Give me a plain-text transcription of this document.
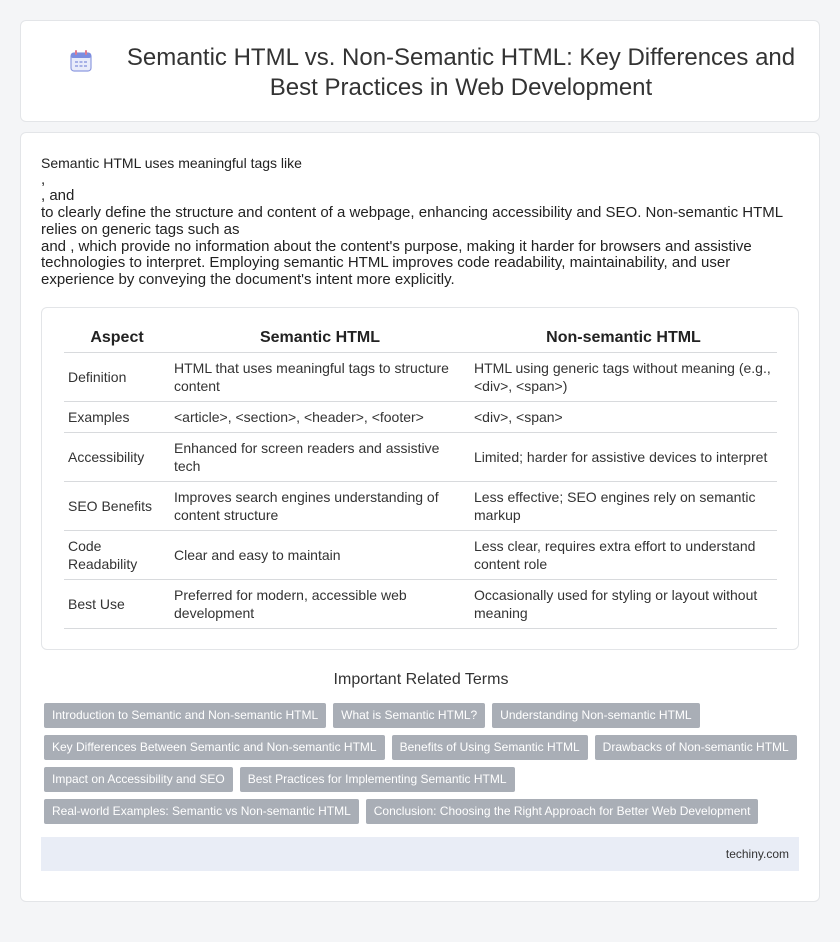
Semantic HTML vs. Non-Semantic HTML: Key Differences and Best Practices in Web Development

Semantic HTML uses meaningful tags like

,

, and

to clearly define the structure and content of a webpage, enhancing accessibility and SEO. Non-semantic HTML relies on generic tags such as

and , which provide no information about the content's purpose, making it harder for browsers and assistive technologies to interpret. Employing semantic HTML improves code readability, maintainability, and user experience by conveying the document's intent more explicitly.

Aspect	Semantic HTML	Non-semantic HTML
Definition	HTML that uses meaningful tags to structure content	HTML using generic tags without meaning (e.g., <div>, <span>)
Examples	<article>, <section>, <header>, <footer>	<div>, <span>
Accessibility	Enhanced for screen readers and assistive tech	Limited; harder for assistive devices to interpret
SEO Benefits	Improves search engines understanding of content structure	Less effective; SEO engines rely on semantic markup
Code Readability	Clear and easy to maintain	Less clear, requires extra effort to understand content role
Best Use	Preferred for modern, accessible web development	Occasionally used for styling or layout without meaning
Important Related Terms
Introduction to Semantic and Non-semantic HTML	What is Semantic HTML?	Understanding Non-semantic HTML
Key Differences Between Semantic and Non-semantic HTML	Benefits of Using Semantic HTML	Drawbacks of Non-semantic HTML
Impact on Accessibility and SEO	Best Practices for Implementing Semantic HTML
Real-world Examples: Semantic vs Non-semantic HTML	Conclusion: Choosing the Right Approach for Better Web Development
techiny.com
